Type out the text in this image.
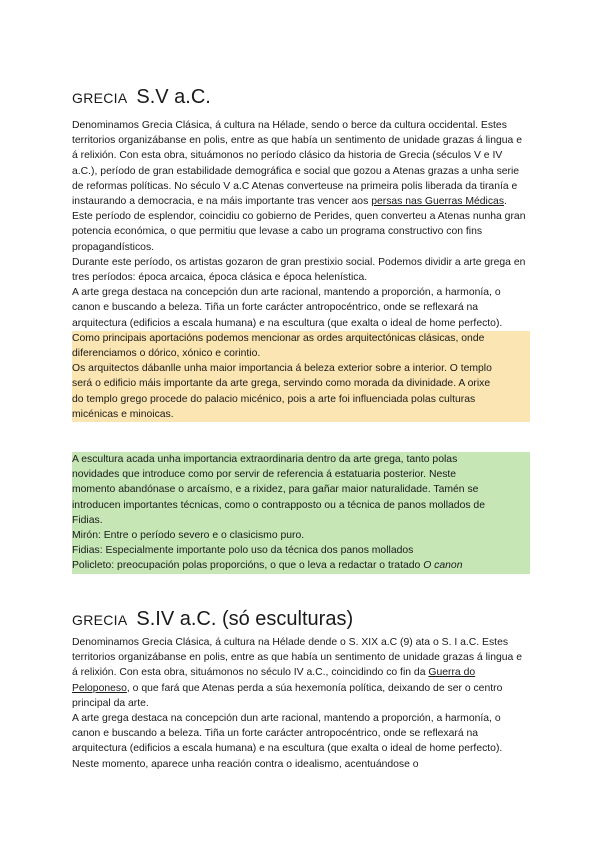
GRECIA S.V a.C.
Denominamos Grecia Clásica, á cultura na Hélade, sendo o berce da cultura occidental. Estes territorios organizábanse en polis, entre as que había un sentimento de unidade grazas á lingua e á relixión. Con esta obra, situámonos no período clásico da historia de Grecia (séculos V e IV a.C.), período de gran estabilidade demográfica e social que gozou a Atenas grazas a unha serie de reformas políticas. No século V a.C Atenas converteuse na primeira polis liberada da tiranía e instaurando a democracia, e na máis importante tras vencer aos persas nas Guerras Médicas. Este período de esplendor, coincidiu co gobierno de Perides, quen converteu a Atenas nunha gran potencia económica, o que permitiu que levase a cabo un programa constructivo con fins propagandísticos.
Durante este período, os artistas gozaron de gran prestixio social. Podemos dividir a arte grega en tres períodos: época arcaica, época clásica e época helenística.
A arte grega destaca na concepción dun arte racional, mantendo a proporción, a harmonía, o canon e buscando a beleza. Tiña un forte carácter antropocéntrico, onde se reflexará na arquitectura (edificios a escala humana) e na escultura (que exalta o ideal de home perfecto).
Como principais aportacións podemos mencionar as ordes arquitectónicas clásicas, onde
diferenciamos o dórico, xónico e corintio.
Os arquitectos dábanlle unha maior importancia á beleza exterior sobre a interior. O templo
será o edificio máis importante da arte grega, servindo como morada da divinidade. A orixe
do templo grego procede do palacio micénico, pois a arte foi influenciada polas culturas
micénicas e minoicas.
A escultura acada unha importancia extraordinaria dentro da arte grega, tanto polas
novidades que introduce como por servir de referencia á estatuaria posterior. Neste
momento abandónase o arcaísmo, e a rixidez, para gañar maior naturalidade. Tamén se
introducen importantes técnicas, como o contrapposto ou a técnica de panos mollados de
Fidias.
Mirón: Entre o período severo e o clasicismo puro.
Fidias: Especialmente importante polo uso da técnica dos panos mollados
Policleto: preocupación polas proporcións, o que o leva a redactar o tratado O canon
GRECIA S.IV a.C. (só esculturas)
Denominamos Grecia Clásica, á cultura na Hélade dende o S. XIX a.C (9) ata o S. I a.C. Estes territorios organizábanse en polis, entre as que había un sentimento de unidade grazas á lingua e á relixión. Con esta obra, situámonos no século IV a.C., coincidindo co fin da Guerra do Peloponeso, o que fará que Atenas perda a súa hexemonía política, deixando de ser o centro principal da arte.
A arte grega destaca na concepción dun arte racional, mantendo a proporción, a harmonía, o canon e buscando a beleza. Tiña un forte carácter antropocéntrico, onde se reflexará na arquitectura (edificios a escala humana) e na escultura (que exalta o ideal de home perfecto). Neste momento, aparece unha reación contra o idealismo, acentuándose o
